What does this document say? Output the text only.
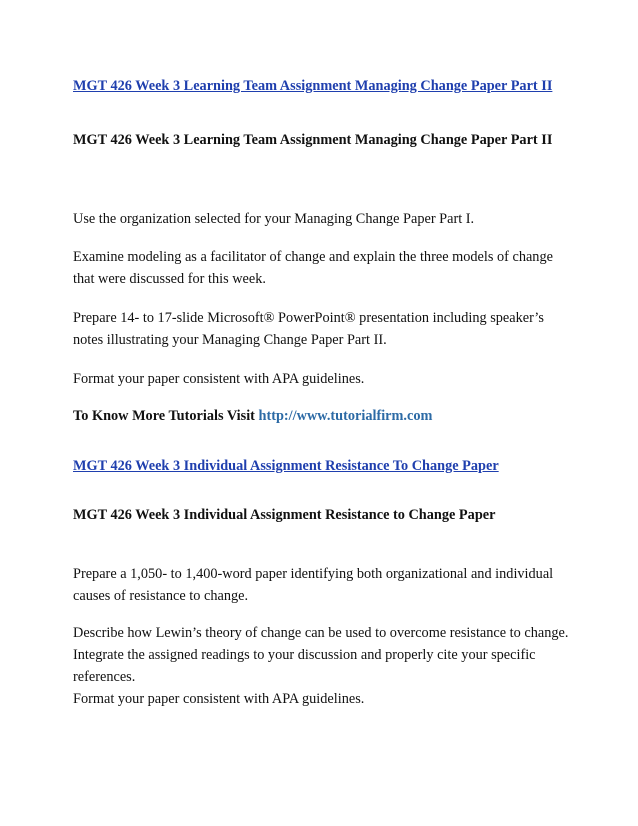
MGT 426 Week 3 Learning Team Assignment Managing Change Paper Part II

MGT 426 Week 3 Learning Team Assignment Managing Change Paper Part II

Use the organization selected for your Managing Change Paper Part I.

Examine modeling as a facilitator of change and explain the three models of change that were discussed for this week.

Prepare 14- to 17-slide Microsoft® PowerPoint® presentation including speaker’s notes illustrating your Managing Change Paper Part II.

Format your paper consistent with APA guidelines.

To Know More Tutorials Visit http://www.tutorialfirm.com

MGT 426 Week 3 Individual Assignment Resistance To Change Paper

MGT 426 Week 3 Individual Assignment Resistance to Change Paper

Prepare a 1,050- to 1,400-word paper identifying both organizational and individual causes of resistance to change.

Describe how Lewin’s theory of change can be used to overcome resistance to change.
Integrate the assigned readings to your discussion and properly cite your specific references.
Format your paper consistent with APA guidelines.
